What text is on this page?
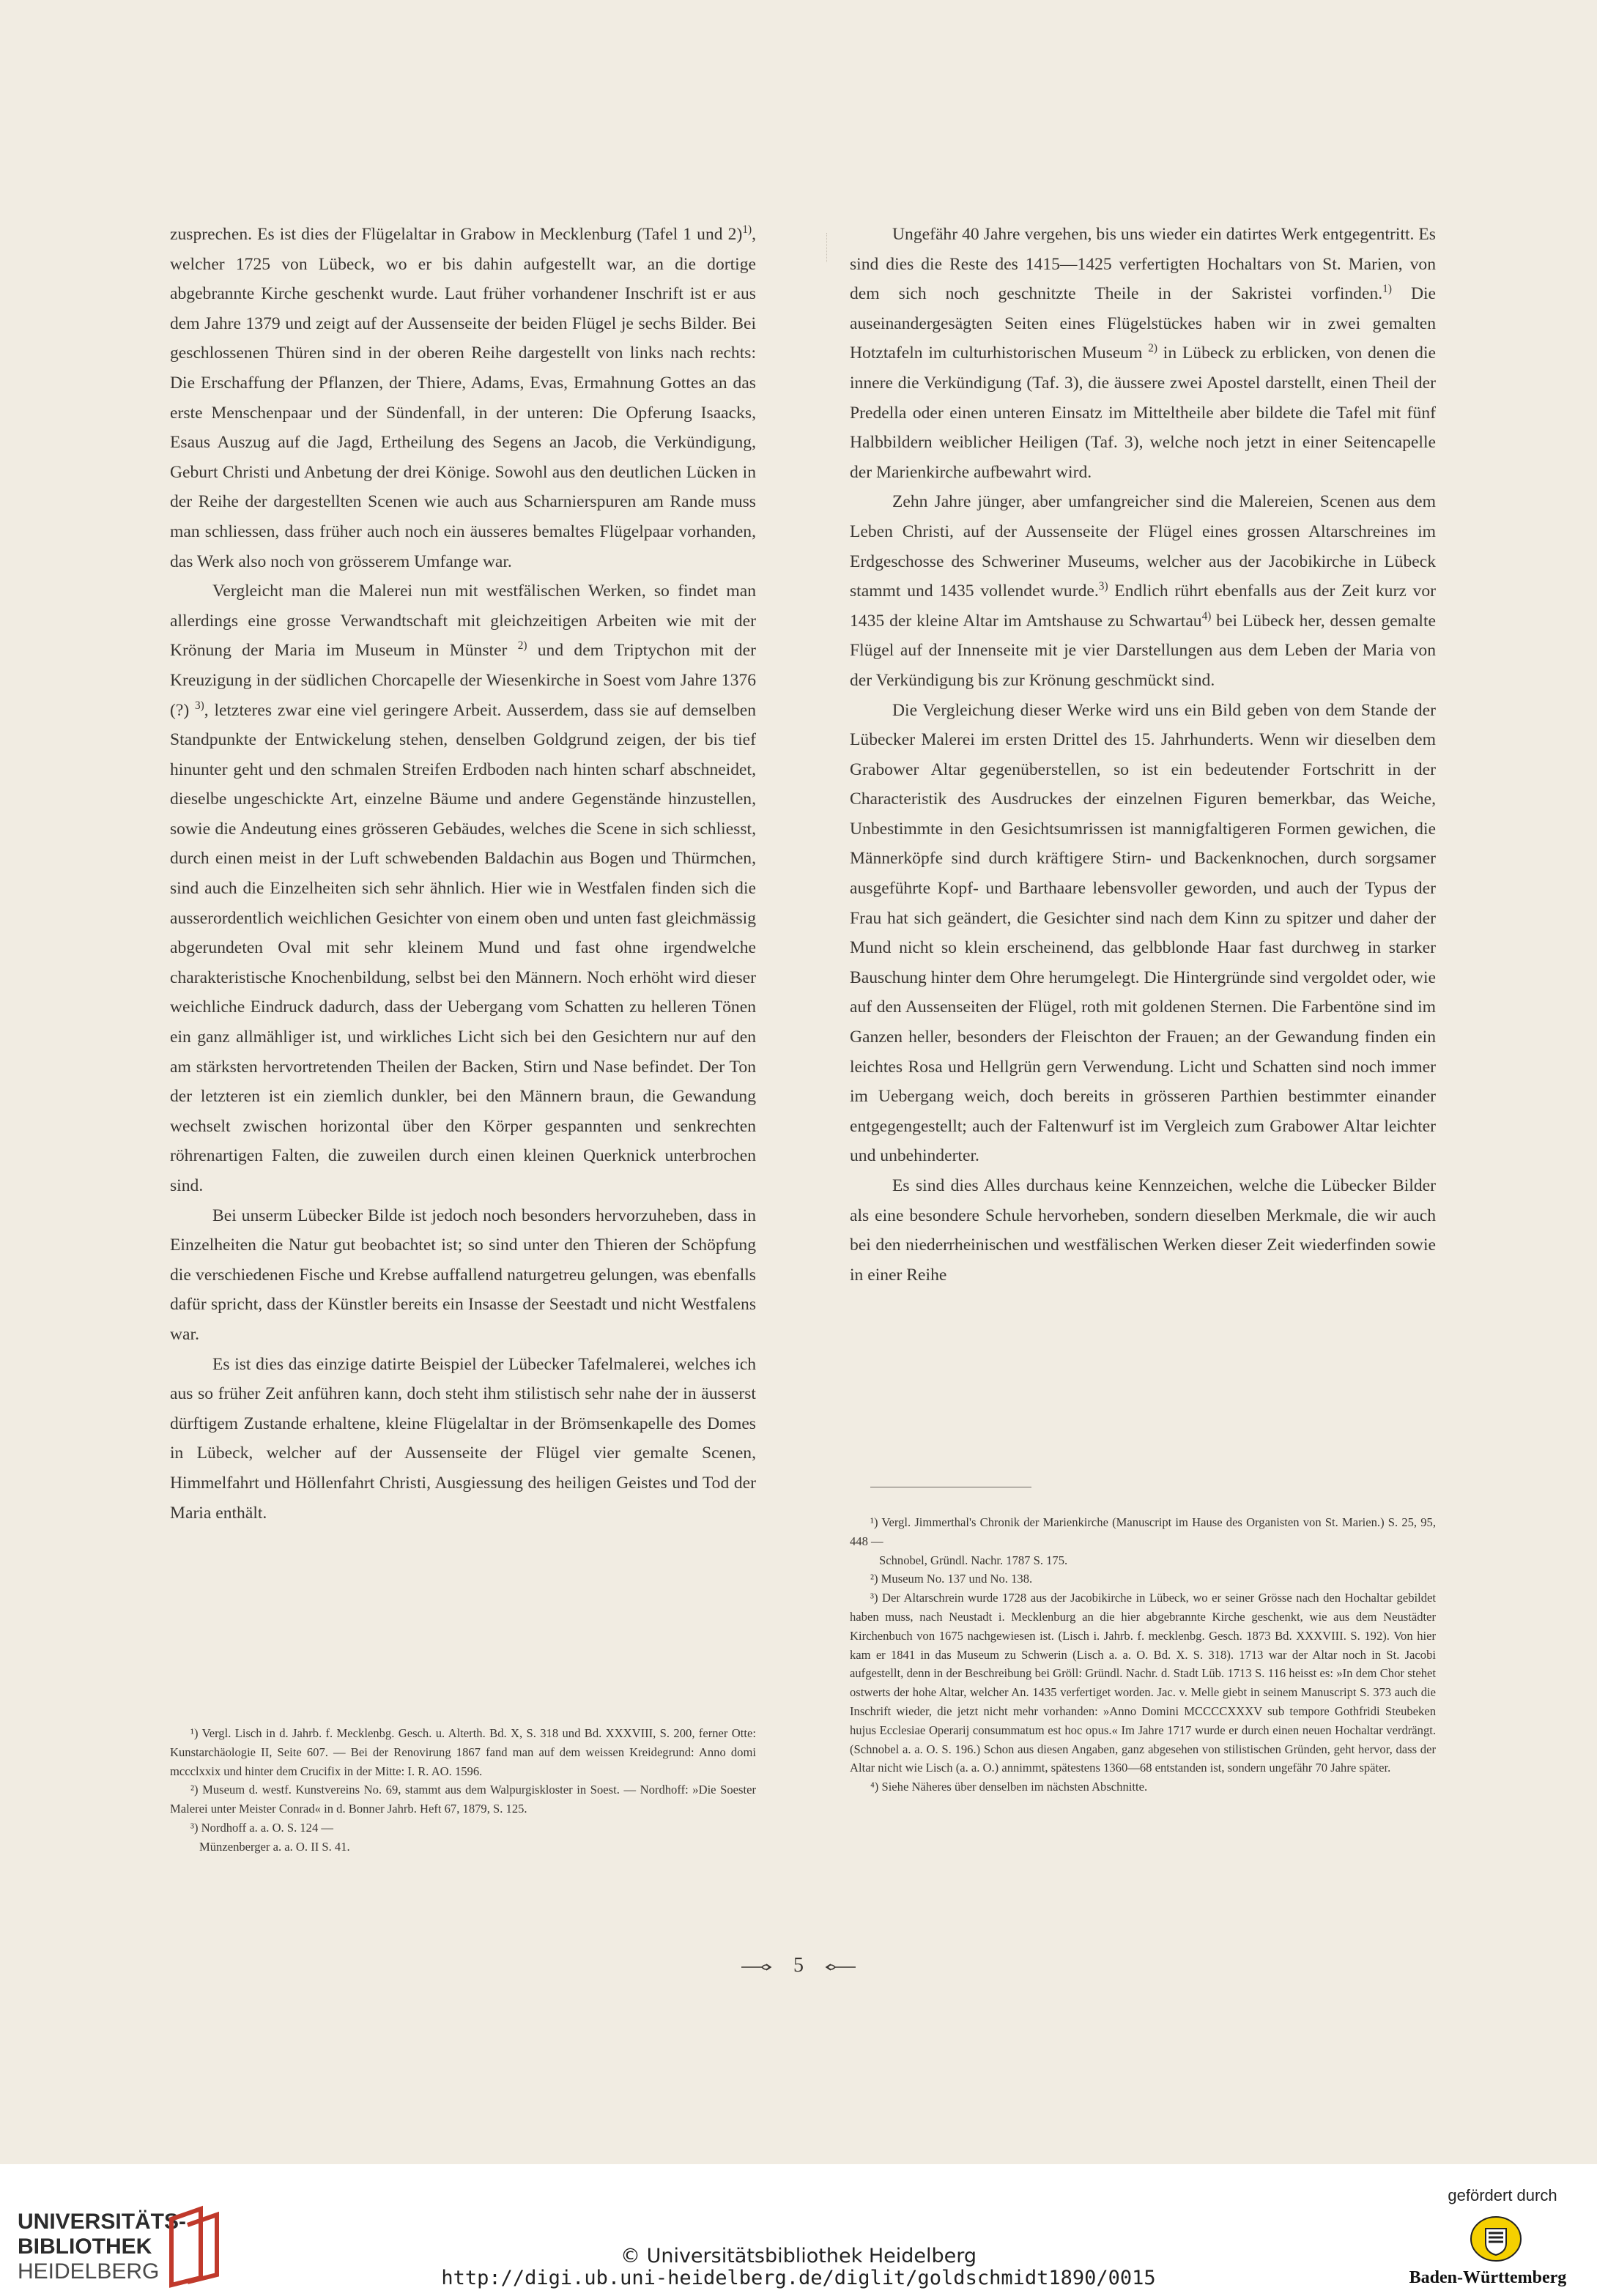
zusprechen. Es ist dies der Flügelaltar in Grabow in Mecklenburg (Tafel 1 und 2)$^{1)}$, welcher 1725 von Lübeck, wo er bis dahin aufgestellt war, an die dortige abgebrannte Kirche geschenkt wurde. Laut früher vorhandener Inschrift ist er aus dem Jahre 1379 und zeigt auf der Aussenseite der beiden Flügel je sechs Bilder. Bei geschlossenen Thüren sind in der oberen Reihe dargestellt von links nach rechts: Die Erschaffung der Pflanzen, der Thiere, Adams, Evas, Ermahnung Gottes an das erste Menschenpaar und der Sündenfall, in der unteren: Die Opferung Isaacks, Esaus Auszug auf die Jagd, Ertheilung des Segens an Jacob, die Verkündigung, Geburt Christi und Anbetung der drei Könige. Sowohl aus den deutlichen Lücken in der Reihe der dargestellten Scenen wie auch aus Scharnierspuren am Rande muss man schliessen, dass früher auch noch ein äusseres bemaltes Flügelpaar vorhanden, das Werk also noch von grösserem Umfange war.

Vergleicht man die Malerei nun mit westfälischen Werken, so findet man allerdings eine grosse Verwandtschaft mit gleichzeitigen Arbeiten wie mit der Krönung der Maria im Museum in Münster $^{2)}$ und dem Triptychon mit der Kreuzigung in der südlichen Chorcapelle der Wiesenkirche in Soest vom Jahre 1376 (?) $^{3)}$, letzteres zwar eine viel geringere Arbeit. Ausserdem, dass sie auf demselben Standpunkte der Entwickelung stehen, denselben Goldgrund zeigen, der bis tief hinunter geht und den schmalen Streifen Erdboden nach hinten scharf abschneidet, dieselbe ungeschickte Art, einzelne Bäume und andere Gegenstände hinzustellen, sowie die Andeutung eines grösseren Gebäudes, welches die Scene in sich schliesst, durch einen meist in der Luft schwebenden Baldachin aus Bogen und Thürmchen, sind auch die Einzelheiten sich sehr ähnlich. Hier wie in Westfalen finden sich die ausserordentlich weichlichen Gesichter von einem oben und unten fast gleichmässig abgerundeten Oval mit sehr kleinem Mund und fast ohne irgendwelche charakteristische Knochenbildung, selbst bei den Männern. Noch erhöht wird dieser weichliche Eindruck dadurch, dass der Uebergang vom Schatten zu helleren Tönen ein ganz allmähliger ist, und wirkliches Licht sich bei den Gesichtern nur auf den am stärksten hervortretenden Theilen der Backen, Stirn und Nase befindet. Der Ton der letzteren ist ein ziemlich dunkler, bei den Männern braun, die Gewandung wechselt zwischen horizontal über den Körper gespannten und senkrechten röhrenartigen Falten, die zuweilen durch einen kleinen Querknick unterbrochen sind.

Bei unserm Lübecker Bilde ist jedoch noch besonders hervorzuheben, dass in Einzelheiten die Natur gut beobachtet ist; so sind unter den Thieren der Schöpfung die verschiedenen Fische und Krebse auffallend naturgetreu gelungen, was ebenfalls dafür spricht, dass der Künstler bereits ein Insasse der Seestadt und nicht Westfalens war.

Es ist dies das einzige datirte Beispiel der Lübecker Tafelmalerei, welches ich aus so früher Zeit anführen kann, doch steht ihm stilistisch sehr nahe der in äusserst dürftigem Zustande erhaltene, kleine Flügelaltar in der Brömsenkapelle des Domes in Lübeck, welcher auf der Aussenseite der Flügel vier gemalte Scenen, Himmelfahrt und Höllenfahrt Christi, Ausgiessung des heiligen Geistes und Tod der Maria enthält.

¹) Vergl. Lisch in d. Jahrb. f. Mecklenbg. Gesch. u. Alterth. Bd. X, S. 318 und Bd. XXXVIII, S. 200, ferner Otte: Kunstarchäologie II, Seite 607. — Bei der Renovirung 1867 fand man auf dem weissen Kreidegrund: Anno domi mccclxxix und hinter dem Crucifix in der Mitte: I. R. AO. 1596.

²) Museum d. westf. Kunstvereins No. 69, stammt aus dem Walpurgiskloster in Soest. — Nordhoff: »Die Soester Malerei unter Meister Conrad« in d. Bonner Jahrb. Heft 67, 1879, S. 125.

³) Nordhoff a. a. O. S. 124 —

Münzenberger a. a. O. II S. 41.

Ungefähr 40 Jahre vergehen, bis uns wieder ein datirtes Werk entgegentritt. Es sind dies die Reste des 1415—1425 verfertigten Hochaltars von St. Marien, von dem sich noch geschnitzte Theile in der Sakristei vorfinden.$^{1)}$ Die auseinandergesägten Seiten eines Flügelstückes haben wir in zwei gemalten Hotztafeln im culturhistorischen Museum $^{2)}$ in Lübeck zu erblicken, von denen die innere die Verkündigung (Taf. 3), die äussere zwei Apostel darstellt, einen Theil der Predella oder einen unteren Einsatz im Mitteltheile aber bildete die Tafel mit fünf Halbbildern weiblicher Heiligen (Taf. 3), welche noch jetzt in einer Seitencapelle der Marienkirche aufbewahrt wird.

Zehn Jahre jünger, aber umfangreicher sind die Malereien, Scenen aus dem Leben Christi, auf der Aussenseite der Flügel eines grossen Altarschreines im Erdgeschosse des Schweriner Museums, welcher aus der Jacobikirche in Lübeck stammt und 1435 vollendet wurde.$^{3)}$ Endlich rührt ebenfalls aus der Zeit kurz vor 1435 der kleine Altar im Amtshause zu Schwartau$^{4)}$ bei Lübeck her, dessen gemalte Flügel auf der Innenseite mit je vier Darstellungen aus dem Leben der Maria von der Verkündigung bis zur Krönung geschmückt sind.

Die Vergleichung dieser Werke wird uns ein Bild geben von dem Stande der Lübecker Malerei im ersten Drittel des 15. Jahrhunderts. Wenn wir dieselben dem Grabower Altar gegenüberstellen, so ist ein bedeutender Fortschritt in der Characteristik des Ausdruckes der einzelnen Figuren bemerkbar, das Weiche, Unbestimmte in den Gesichtsumrissen ist mannigfaltigeren Formen gewichen, die Männerköpfe sind durch kräftigere Stirn- und Backenknochen, durch sorgsamer ausgeführte Kopf- und Barthaare lebensvoller geworden, und auch der Typus der Frau hat sich geändert, die Gesichter sind nach dem Kinn zu spitzer und daher der Mund nicht so klein erscheinend, das gelbblonde Haar fast durchweg in starker Bauschung hinter dem Ohre herumgelegt. Die Hintergründe sind vergoldet oder, wie auf den Aussenseiten der Flügel, roth mit goldenen Sternen. Die Farbentöne sind im Ganzen heller, besonders der Fleischton der Frauen; an der Gewandung finden ein leichtes Rosa und Hellgrün gern Verwendung. Licht und Schatten sind noch immer im Uebergang weich, doch bereits in grösseren Parthien bestimmter einander entgegengestellt; auch der Faltenwurf ist im Vergleich zum Grabower Altar leichter und unbehinderter.

Es sind dies Alles durchaus keine Kennzeichen, welche die Lübecker Bilder als eine besondere Schule hervorheben, sondern dieselben Merkmale, die wir auch bei den niederrheinischen und westfälischen Werken dieser Zeit wiederfinden sowie in einer Reihe

¹) Vergl. Jimmerthal's Chronik der Marienkirche (Manuscript im Hause des Organisten von St. Marien.) S. 25, 95, 448 —

Schnobel, Gründl. Nachr. 1787 S. 175.

²) Museum No. 137 und No. 138.

³) Der Altarschrein wurde 1728 aus der Jacobikirche in Lübeck, wo er seiner Grösse nach den Hochaltar gebildet haben muss, nach Neustadt i. Mecklenburg an die hier abgebrannte Kirche geschenkt, wie aus dem Neustädter Kirchenbuch von 1675 nachgewiesen ist. (Lisch i. Jahrb. f. mecklenbg. Gesch. 1873 Bd. XXXVIII. S. 192). Von hier kam er 1841 in das Museum zu Schwerin (Lisch a. a. O. Bd. X. S. 318). 1713 war der Altar noch in St. Jacobi aufgestellt, denn in der Beschreibung bei Gröll: Gründl. Nachr. d. Stadt Lüb. 1713 S. 116 heisst es: »In dem Chor stehet ostwerts der hohe Altar, welcher An. 1435 verfertiget worden. Jac. v. Melle giebt in seinem Manuscript S. 373 auch die Inschrift wieder, die jetzt nicht mehr vorhanden: »Anno Domini MCCCCXXXV sub tempore Gothfridi Steubeken hujus Ecclesiae Operarij consummatum est hoc opus.« Im Jahre 1717 wurde er durch einen neuen Hochaltar verdrängt. (Schnobel a. a. O. S. 196.) Schon aus diesen Angaben, ganz abgesehen von stilistischen Gründen, geht hervor, dass der Altar nicht wie Lisch (a. a. O.) annimmt, spätestens 1360—68 entstanden ist, sondern ungefähr 70 Jahre später.

⁴) Siehe Näheres über denselben im nächsten Abschnitte.

5
UNIVERSITÄTS-
BIBLIOTHEK
HEIDELBERG
© Universitätsbibliothek Heidelberg
http://digi.ub.uni-heidelberg.de/diglit/goldschmidt1890/0015
gefördert durch
Baden-Württemberg
